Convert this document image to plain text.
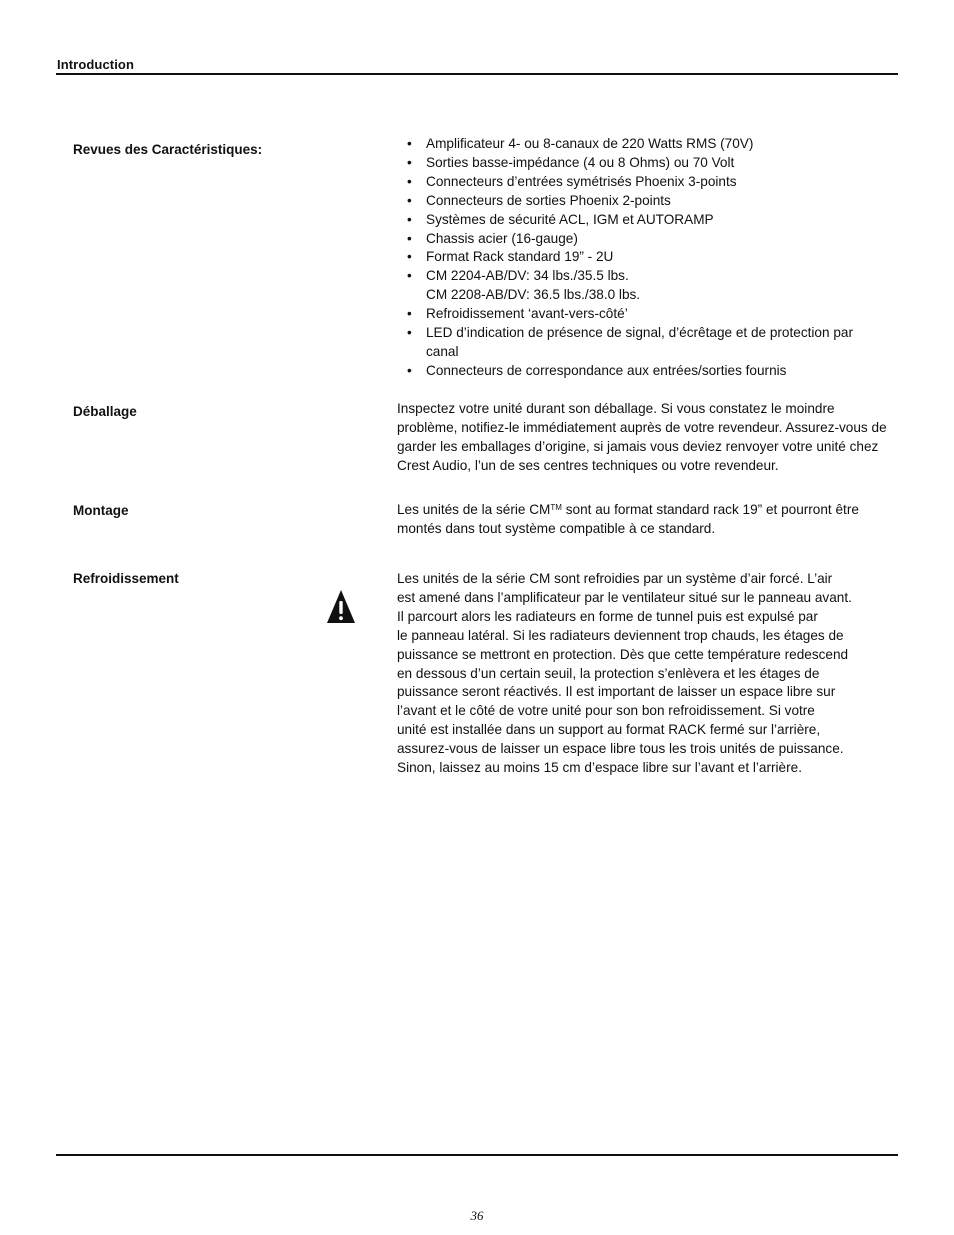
Introduction
Revues des Caractéristiques:	• Amplificateur 4- ou 8-canaux de 220 Watts RMS (70V)
• Sorties basse-impédance (4 ou 8 Ohms) ou 70 Volt
• Connecteurs d’entrées symétrisés Phoenix 3-points
• Connecteurs de sorties Phoenix 2-points
• Systèmes de sécurité ACL, IGM et AUTORAMP
• Chassis acier (16-gauge)
• Format Rack standard 19” - 2U
• CM 2204-AB/DV: 34 lbs./35.5 lbs.
CM 2208-AB/DV: 36.5 lbs./38.0 lbs.
• Refroidissement ‘avant-vers-côté’
• LED d’indication de présence de signal, d’écrêtage et de protection par canal
• Connecteurs de correspondance aux entrées/sorties fournis
Déballage	Inspectez votre unité durant son déballage. Si vous constatez le moindre problème, notifiez-le immédiatement auprès de votre revendeur. Assurez-vous de garder les emballages d’origine, si jamais vous deviez renvoyer votre unité chez Crest Audio, l’un de ses centres techniques ou votre revendeur.

Montage	Les unités de la série CM™ sont au format standard rack 19” et pourront être montés dans tout système compatible à ce standard.

Refroidissement	Les unités de la série CM sont refroidies par un système d’air forcé. L’air
est amené dans l’amplificateur par le ventilateur situé sur le panneau avant.
Il parcourt alors les radiateurs en forme de tunnel puis est expulsé par
le panneau latéral. Si les radiateurs deviennent trop chauds, les étages de
puissance se mettront en protection. Dès que cette température redescend
en dessous d’un certain seuil, la protection s’enlèvera et les étages de
puissance seront réactivés. Il est important de laisser un espace libre sur
l’avant et le côté de votre unité pour son bon refroidissement. Si votre
unité est installée dans un support au format RACK fermé sur l’arrière,
assurez-vous de laisser un espace libre tous les trois unités de puissance.
Sinon, laissez au moins 15 cm d’espace libre sur l’avant et l’arrière.
36
